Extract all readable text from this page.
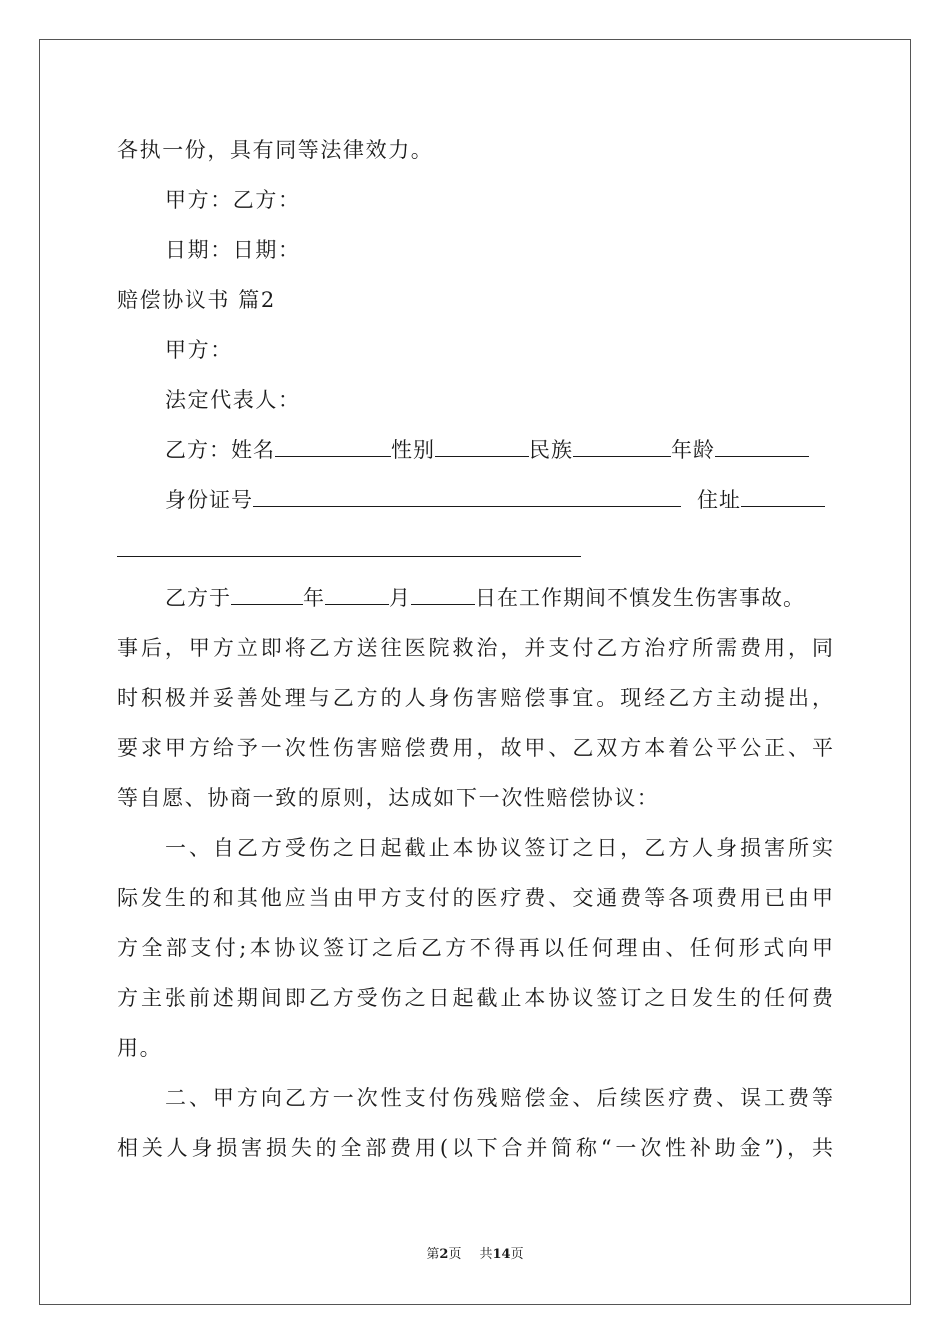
各执一份，具有同等法律效力。
甲方：乙方：
日期：日期：
赔偿协议书 篇2
甲方：
法定代表人：
乙方：姓名	性别	民族	年龄
身份证号	住址
乙方于	年	月	日在工作期间不慎发生伤害事故。
事后，甲方立即将乙方送往医院救治，并支付乙方治疗所需费用，同
时积极并妥善处理与乙方的人身伤害赔偿事宜。现经乙方主动提出，
要求甲方给予一次性伤害赔偿费用，故甲、乙双方本着公平公正、平
等自愿、协商一致的原则，达成如下一次性赔偿协议：
一、自乙方受伤之日起截止本协议签订之日，乙方人身损害所实
际发生的和其他应当由甲方支付的医疗费、交通费等各项费用已由甲
方全部支付;本协议签订之后乙方不得再以任何理由、任何形式向甲
方主张前述期间即乙方受伤之日起截止本协议签订之日发生的任何费
用。
二、甲方向乙方一次性支付伤残赔偿金、后续医疗费、误工费等
相关人身损害损失的全部费用(以下合并简称“一次性补助金”)，共
第2页 共14页
